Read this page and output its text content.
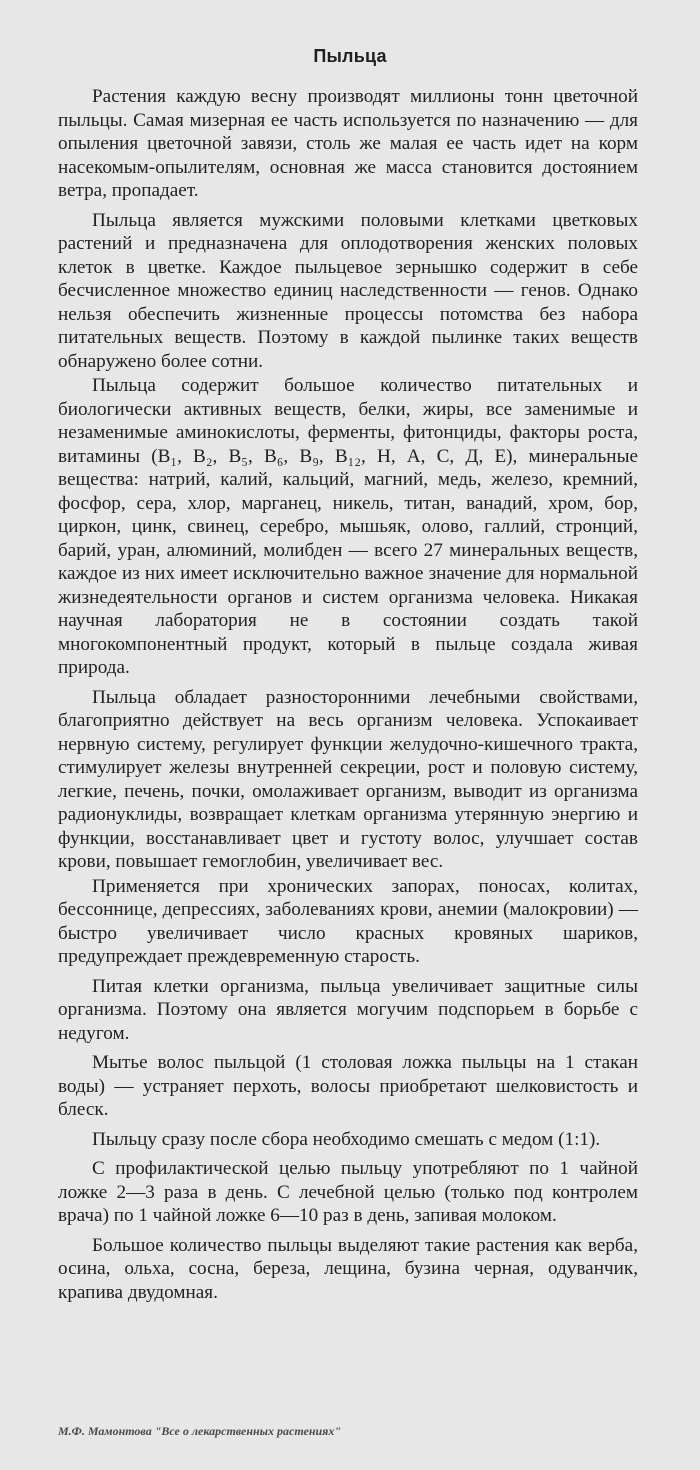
Пыльца

Растения каждую весну производят миллионы тонн цветочной пыльцы. Самая мизерная ее часть используется по назначению — для опыления цветочной завязи, столь же малая ее часть идет на корм насекомым-опылителям, основная же масса становится достоянием ветра, пропадает.

Пыльца является мужскими половыми клетками цветковых растений и предназначена для оплодотворения женских половых клеток в цветке. Каждое пыльцевое зернышко содержит в себе бесчисленное множество единиц наследственности — генов. Однако нельзя обеспечить жизненные процессы потомства без набора питательных веществ. Поэтому в каждой пылинке таких веществ обнаружено более сотни.

Пыльца содержит большое количество питательных и биологически активных веществ, белки, жиры, все заменимые и незаменимые аминокислоты, ферменты, фитонциды, факторы роста, витамины (B₁, B₂, B₅, B₆, B₉, B₁₂, Н, А, С, Д, Е), минеральные вещества: натрий, калий, кальций, магний, медь, железо, кремний, фосфор, сера, хлор, марганец, никель, титан, ванадий, хром, бор, циркон, цинк, свинец, серебро, мышьяк, олово, галлий, стронций, барий, уран, алюминий, молибден — всего 27 минеральных веществ, каждое из них имеет исключительно важное значение для нормальной жизнедеятельности органов и систем организма человека. Никакая научная лаборатория не в состоянии создать такой многокомпонентный продукт, который в пыльце создала живая природа.

Пыльца обладает разносторонними лечебными свойствами, благоприятно действует на весь организм человека. Успокаивает нервную систему, регулирует функции желудочно-кишечного тракта, стимулирует железы внутренней секреции, рост и половую систему, легкие, печень, почки, омолаживает организм, выводит из организма радионуклиды, возвращает клеткам организма утерянную энергию и функции, восстанавливает цвет и густоту волос, улучшает состав крови, повышает гемоглобин, увеличивает вес.

Применяется при хронических запорах, поносах, колитах, бессоннице, депрессиях, заболеваниях крови, анемии (малокровии) — быстро увеличивает число красных кровяных шариков, предупреждает преждевременную старость.

Питая клетки организма, пыльца увеличивает защитные силы организма. Поэтому она является могучим подспорьем в борьбе с недугом.

Мытье волос пыльцой (1 столовая ложка пыльцы на 1 стакан воды) — устраняет перхоть, волосы приобретают шелковистость и блеск.

Пыльцу сразу после сбора необходимо смешать с медом (1:1).

С профилактической целью пыльцу употребляют по 1 чайной ложке 2—3 раза в день. С лечебной целью (только под контролем врача) по 1 чайной ложке 6—10 раз в день, запивая молоком.

Большое количество пыльцы выделяют такие растения как верба, осина, ольха, сосна, береза, лещина, бузина черная, одуванчик, крапива двудомная.

М.Ф. Мамонтова "Все о лекарственных растениях"
